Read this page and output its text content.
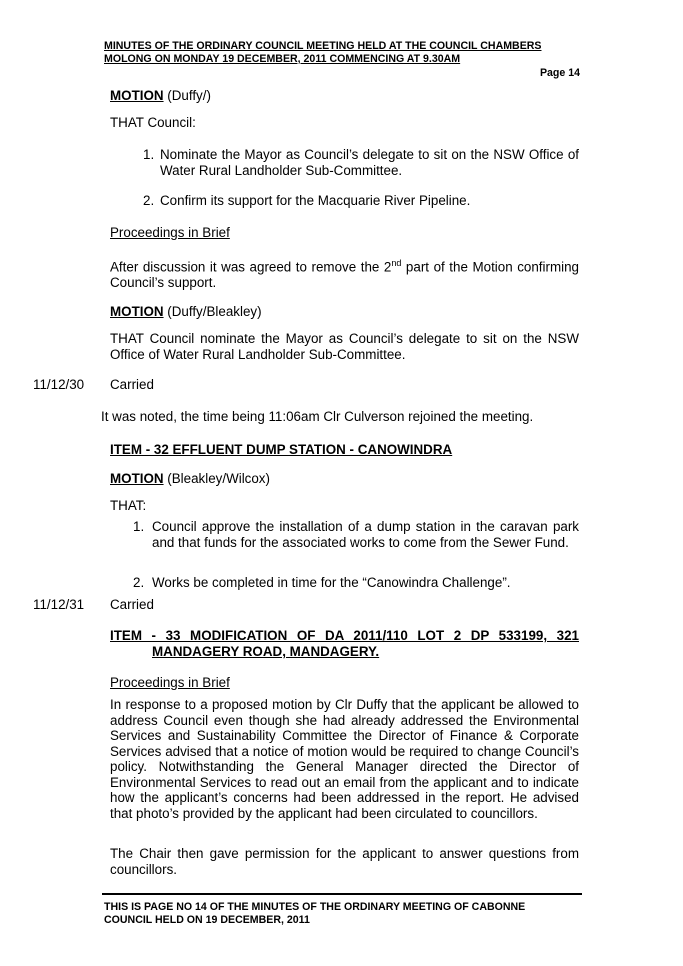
MINUTES OF THE ORDINARY COUNCIL MEETING HELD AT THE COUNCIL CHAMBERS
MOLONG ON MONDAY 19 DECEMBER, 2011 COMMENCING AT 9.30AM
Page 14
MOTION (Duffy/)
THAT Council:
1. Nominate the Mayor as Council’s delegate to sit on the NSW Office of Water Rural Landholder Sub-Committee.
2. Confirm its support for the Macquarie River Pipeline.
Proceedings in Brief
After discussion it was agreed to remove the 2nd part of the Motion confirming Council’s support.
MOTION (Duffy/Bleakley)
THAT Council nominate the Mayor as Council’s delegate to sit on the NSW Office of Water Rural Landholder Sub-Committee.
11/12/30 Carried
It was noted, the time being 11:06am Clr Culverson rejoined the meeting.
ITEM - 32 EFFLUENT DUMP STATION - CANOWINDRA
MOTION (Bleakley/Wilcox)
THAT:
1. Council approve the installation of a dump station in the caravan park and that funds for the associated works to come from the Sewer Fund.
2. Works be completed in time for the “Canowindra Challenge”.
11/12/31 Carried
ITEM - 33 MODIFICATION OF DA 2011/110 LOT 2 DP 533199, 321
MANDAGERY ROAD, MANDAGERY.
Proceedings in Brief
In response to a proposed motion by Clr Duffy that the applicant be allowed to address Council even though she had already addressed the Environmental Services and Sustainability Committee the Director of Finance & Corporate Services advised that a notice of motion would be required to change Council’s policy. Notwithstanding the General Manager directed the Director of Environmental Services to read out an email from the applicant and to indicate how the applicant’s concerns had been addressed in the report. He advised that photo’s provided by the applicant had been circulated to councillors.
The Chair then gave permission for the applicant to answer questions from councillors.
THIS IS PAGE NO 14 OF THE MINUTES OF THE ORDINARY MEETING OF CABONNE
COUNCIL HELD ON 19 DECEMBER, 2011
